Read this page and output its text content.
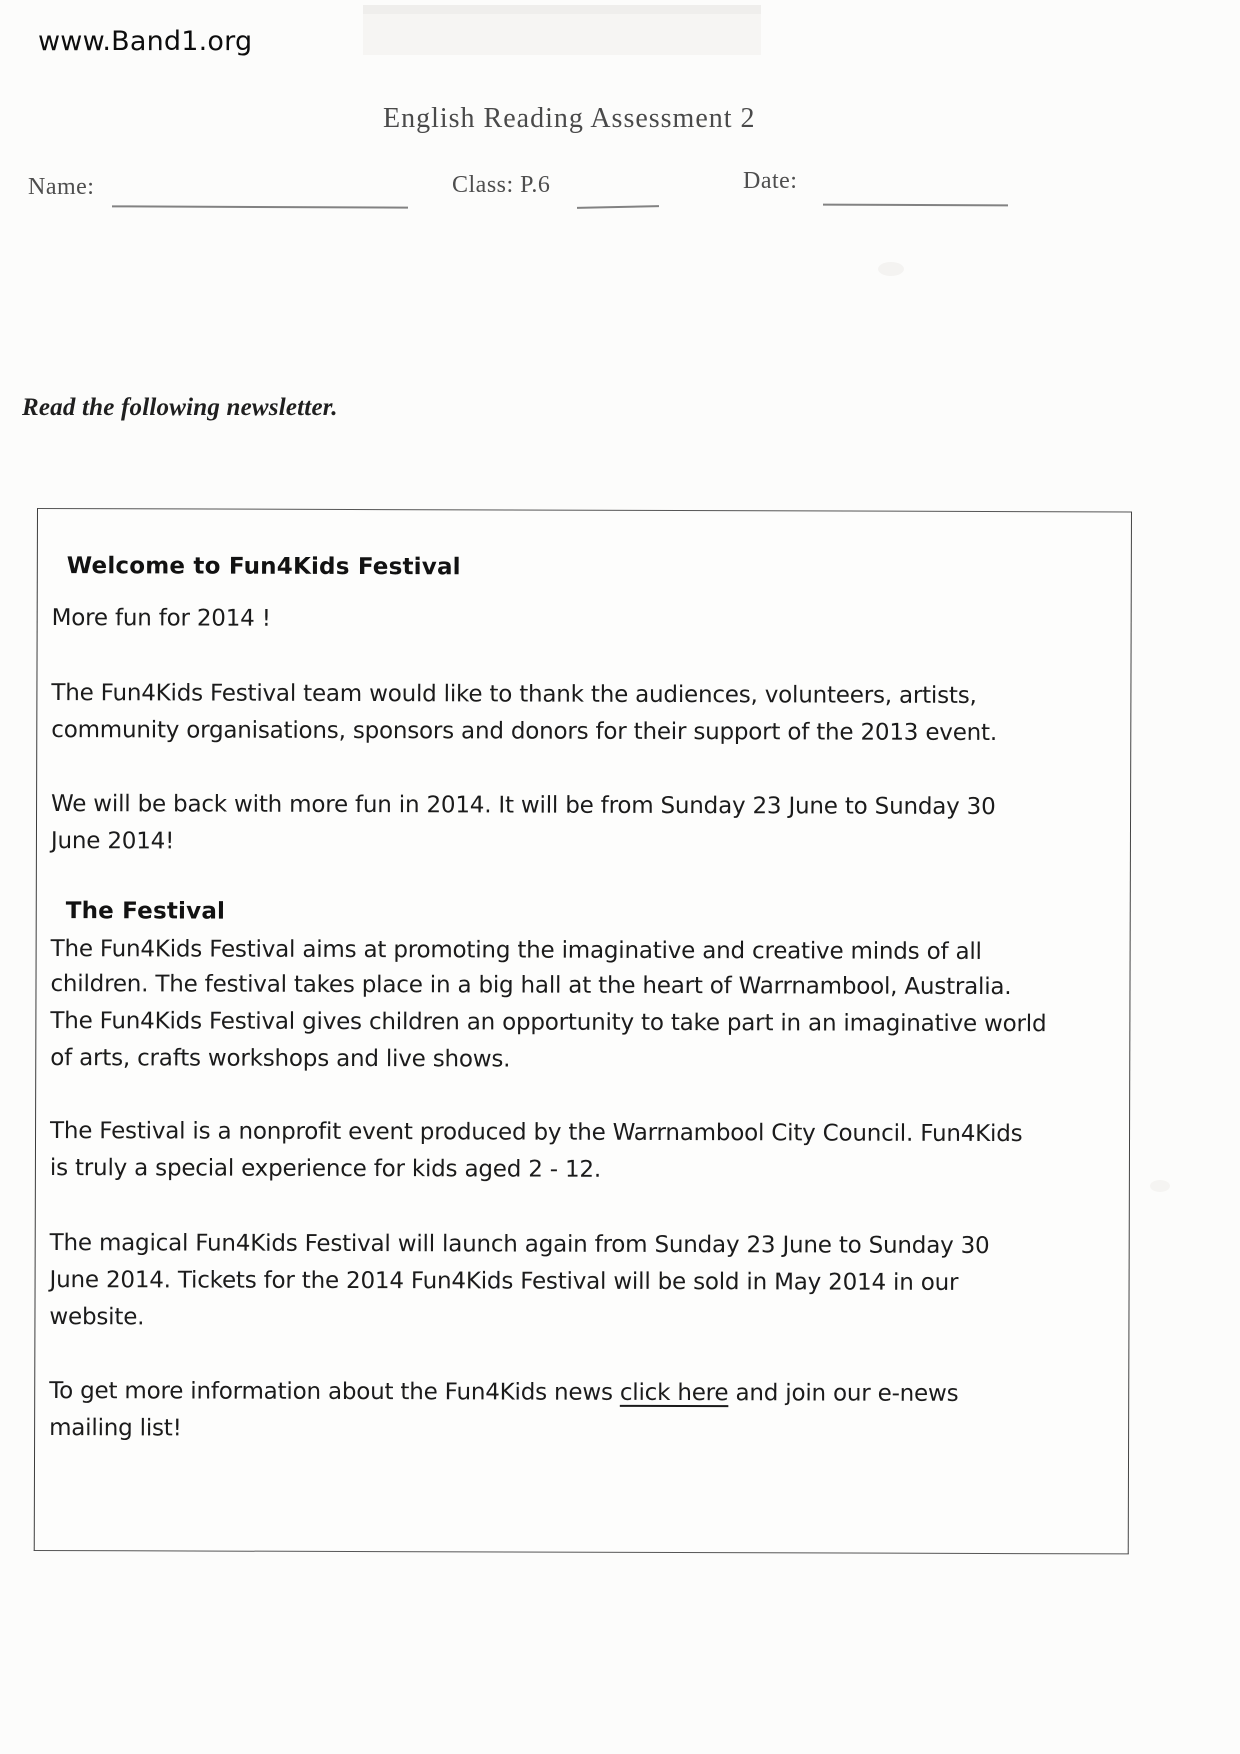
www.Band1.org
English Reading Assessment 2
Name:	Class: P.6	Date:
Read the following newsletter.
Welcome to Fun4Kids Festival
More fun for 2014 !
The Fun4Kids Festival team would like to thank the audiences, volunteers, artists,
community organisations, sponsors and donors for their support of the 2013 event.
We will be back with more fun in 2014. It will be from Sunday 23 June to Sunday 30
June 2014!
The Festival
The Fun4Kids Festival aims at promoting the imaginative and creative minds of all
children. The festival takes place in a big hall at the heart of Warrnambool, Australia.
The Fun4Kids Festival gives children an opportunity to take part in an imaginative world
of arts, crafts workshops and live shows.
The Festival is a nonprofit event produced by the Warrnambool City Council. Fun4Kids
is truly a special experience for kids aged 2 - 12.
The magical Fun4Kids Festival will launch again from Sunday 23 June to Sunday 30
June 2014. Tickets for the 2014 Fun4Kids Festival will be sold in May 2014 in our
website.
To get more information about the Fun4Kids news click here and join our e-news
mailing list!
